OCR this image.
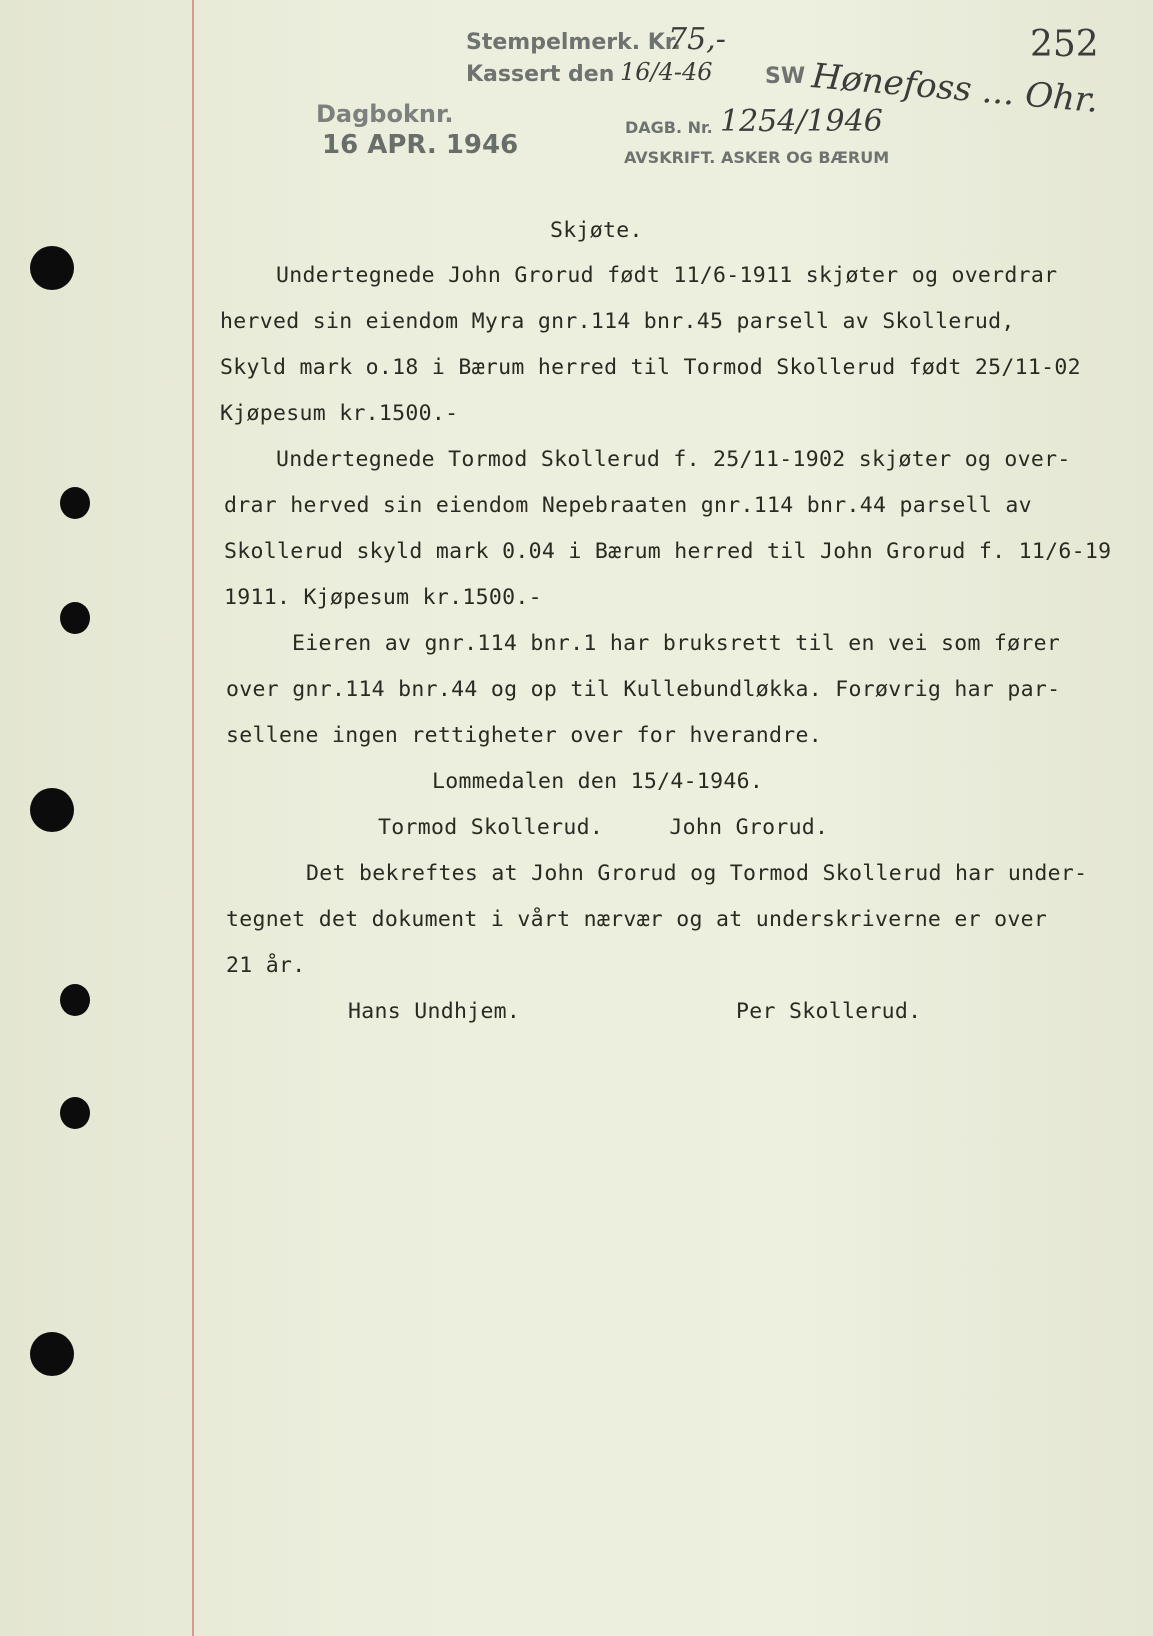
Stempelmerk. Kr.
75,-
Kassert den 16/4-46 SW Hønefoss ... Ohr.
252
Dagboknr.
16 APR. 1946
DAGB. Nr. 1254/1946
AVSKRIFT. ASKER OG BÆRUM
Skjøte.
Undertegnede John Grorud født 11/6-1911 skjøter og overdrar
herved sin eiendom Myra gnr.114 bnr.45 parsell av Skollerud,
Skyld mark o.18 i Bærum herred til Tormod Skollerud født 25/11-02
Kjøpesum kr.1500.-
Undertegnede Tormod Skollerud f. 25/11-1902 skjøter og over-
drar herved sin eiendom Nepebraaten gnr.114 bnr.44 parsell av
Skollerud skyld mark 0.04 i Bærum herred til John Grorud f. 11/6-19
1911. Kjøpesum kr.1500.-
Eieren av gnr.114 bnr.1 har bruksrett til en vei som fører
over gnr.114 bnr.44 og op til Kullebundløkka. Forøvrig har par-
sellene ingen rettigheter over for hverandre.
Lommedalen den 15/4-1946.
Tormod Skollerud.     John Grorud.
Det bekreftes at John Grorud og Tormod Skollerud har under-
tegnet det dokument i vårt nærvær og at underskriverne er over
21 år.
Hans Undhjem.	Per Skollerud.
